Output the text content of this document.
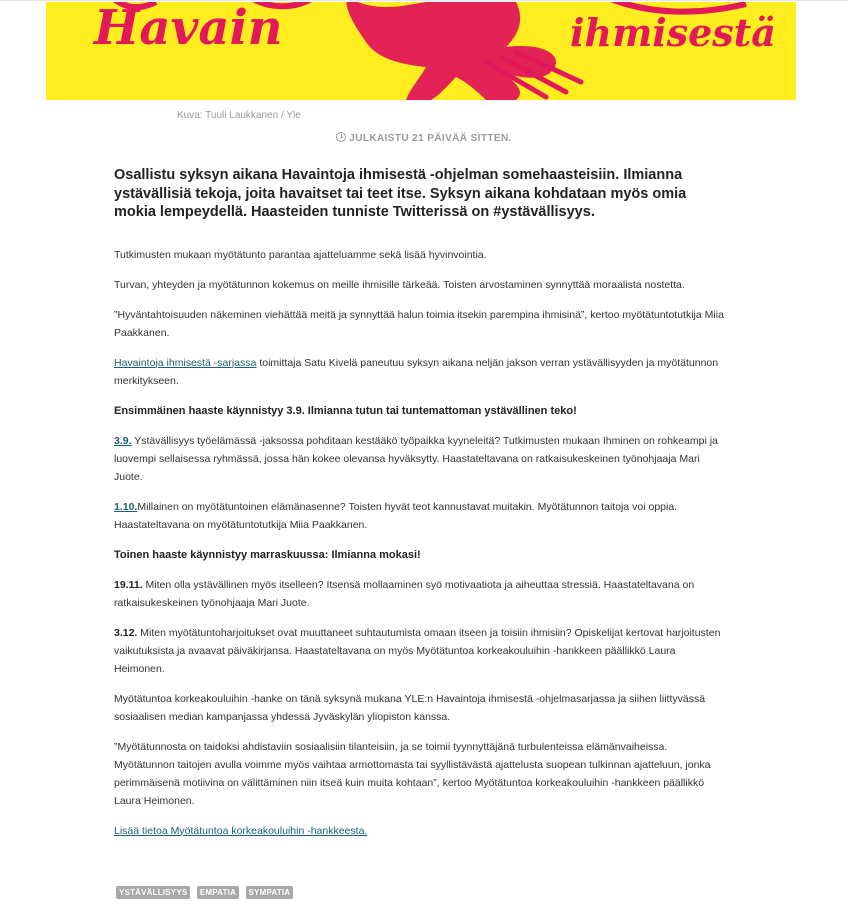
Havain	ihmisestä
Kuva: Tuuli Laukkanen / Yle
JULKAISTU 21 PÄIVÄÄ SITTEN.
Osallistu syksyn aikana Havaintoja ihmisestä -ohjelman somehaasteisiin. Ilmianna ystävällisiä tekoja, joita havaitset tai teet itse. Syksyn aikana kohdataan myös omia mokia lempeydellä. Haasteiden tunniste Twitterissä on #ystävällisyys.

Tutkimusten mukaan myötätunto parantaa ajatteluamme sekä lisää hyvinvointia.

Turvan, yhteyden ja myötätunnon kokemus on meille ihmisille tärkeää. Toisten arvostaminen synnyttää moraalista nostetta.

”Hyväntahtoisuuden näkeminen viehättää meitä ja synnyttää halun toimia itsekin parempina ihmisinä”, kertoo myötätuntotutkija Miia Paakkanen.

Havaintoja ihmisestä -sarjassa toimittaja Satu Kivelä paneutuu syksyn aikana neljän jakson verran ystävällisyyden ja myötätunnon merkitykseen.

Ensimmäinen haaste käynnistyy 3.9. Ilmianna tutun tai tuntemattoman ystävällinen teko!

3.9. Ystävällisyys työelämässä -jaksossa pohditaan kestääkö työpaikka kyyneleitä? Tutkimusten mukaan Ihminen on rohkeampi ja luovempi sellaisessa ryhmässä, jossa hän kokee olevansa hyväksytty. Haastateltavana on ratkaisukeskeinen työnohjaaja Mari Juote.

1.10.Millainen on myötätuntoinen elämänasenne? Toisten hyvät teot kannustavat muitakin. Myötätunnon taitoja voi oppia. Haastateltavana on myötätuntotutkija Miia Paakkanen.

Toinen haaste käynnistyy marraskuussa: Ilmianna mokasi!

19.11. Miten olla ystävällinen myös itselleen? Itsensä mollaaminen syö motivaatiota ja aiheuttaa stressiä. Haastateltavana on ratkaisukeskeinen työnohjaaja Mari Juote.

3.12. Miten myötätuntoharjoitukset ovat muuttaneet suhtautumista omaan itseen ja toisiin ihmisiin? Opiskelijat kertovat harjoitusten vaikutuksista ja avaavat päiväkirjansa. Haastateltavana on myös Myötätuntoa korkeakouluihin -hankkeen päällikkö Laura Heimonen.

Myötätuntoa korkeakouluihin -hanke on tänä syksynä mukana YLE:n Havaintoja ihmisestä -ohjelmasarjassa ja siihen liittyvässä sosiaalisen median kampanjassa yhdessä Jyväskylän yliopiston kanssa.

”Myötätunnosta on taidoksi ahdistaviin sosiaalisiin tilanteisiin, ja se toimii tyynnyttäjänä turbulenteissa elämänvaiheissa. Myötätunnon taitojen avulla voimme myös vaihtaa armottomasta tai syyllistävästä ajattelusta suopean tulkinnan ajatteluun, jonka perimmäisenä motiivina on välittäminen niin itseä kuin muita kohtaan”, kertoo Myötätuntoa korkeakouluihin -hankkeen päällikkö Laura Heimonen.

Lisää tietoa Myötätuntoa korkeakouluihin -hankkeesta.

YSTÄVÄLLISYYS EMPATIA SYMPATIA
